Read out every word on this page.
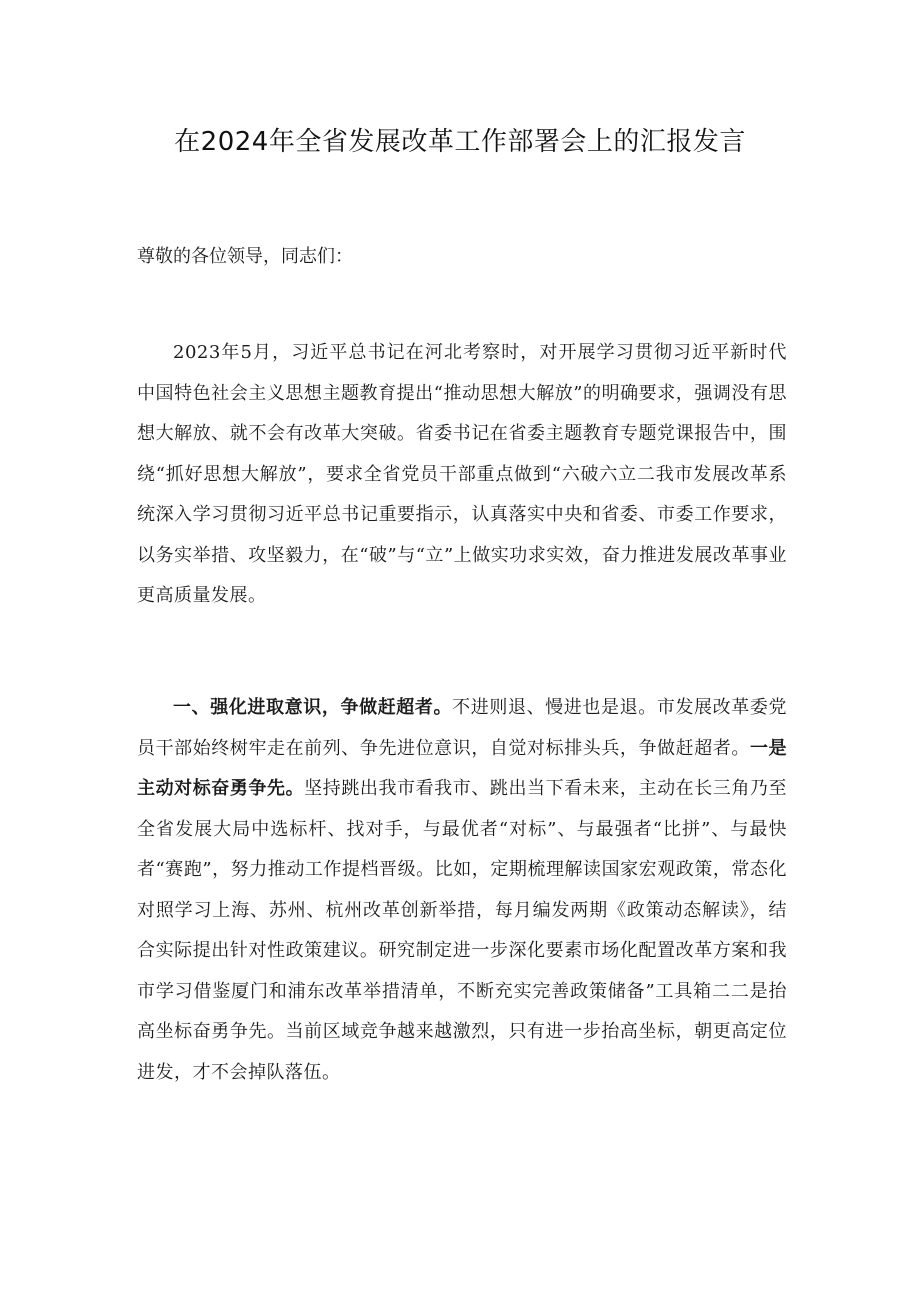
在2024年全省发展改革工作部署会上的汇报发言

尊敬的各位领导，同志们：

2023年5月，习近平总书记在河北考察时，对开展学习贯彻习近平新时代中国特色社会主义思想主题教育提出“推动思想大解放”的明确要求，强调没有思想大解放、就不会有改革大突破。省委书记在省委主题教育专题党课报告中，围绕“抓好思想大解放”，要求全省党员干部重点做到“六破六立二我市发展改革系统深入学习贯彻习近平总书记重要指示，认真落实中央和省委、市委工作要求，以务实举措、攻坚毅力，在“破”与“立”上做实功求实效，奋力推进发展改革事业更高质量发展。

一、强化进取意识，争做赶超者。不进则退、慢进也是退。市发展改革委党员干部始终树牢走在前列、争先进位意识，自觉对标排头兵，争做赶超者。一是主动对标奋勇争先。坚持跳出我市看我市、跳出当下看未来，主动在长三角乃至全省发展大局中选标杆、找对手，与最优者“对标”、与最强者“比拼”、与最快者“赛跑”，努力推动工作提档晋级。比如，定期梳理解读国家宏观政策，常态化对照学习上海、苏州、杭州改革创新举措，每月编发两期《政策动态解读》，结合实际提出针对性政策建议。研究制定进一步深化要素市场化配置改革方案和我市学习借鉴厦门和浦东改革举措清单，不断充实完善政策储备”工具箱二二是抬高坐标奋勇争先。当前区域竞争越来越激烈，只有进一步抬高坐标，朝更高定位进发，才不会掉队落伍。
